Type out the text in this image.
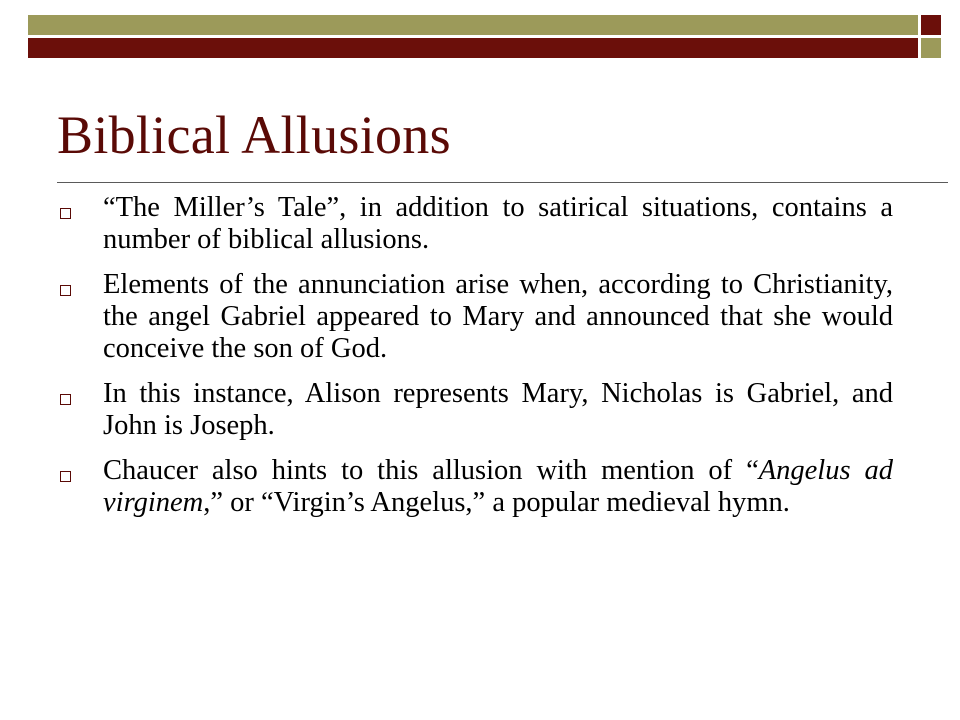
Biblical Allusions
“The Miller’s Tale”, in addition to satirical situations, contains a number of biblical allusions.
Elements of the annunciation arise when, according to Christianity, the angel Gabriel appeared to Mary and announced that she would conceive the son of God.
In this instance, Alison represents Mary, Nicholas is Gabriel, and John is Joseph.
Chaucer also hints to this allusion with mention of “Angelus ad virginem,” or “Virgin’s Angelus,” a popular medieval hymn.
